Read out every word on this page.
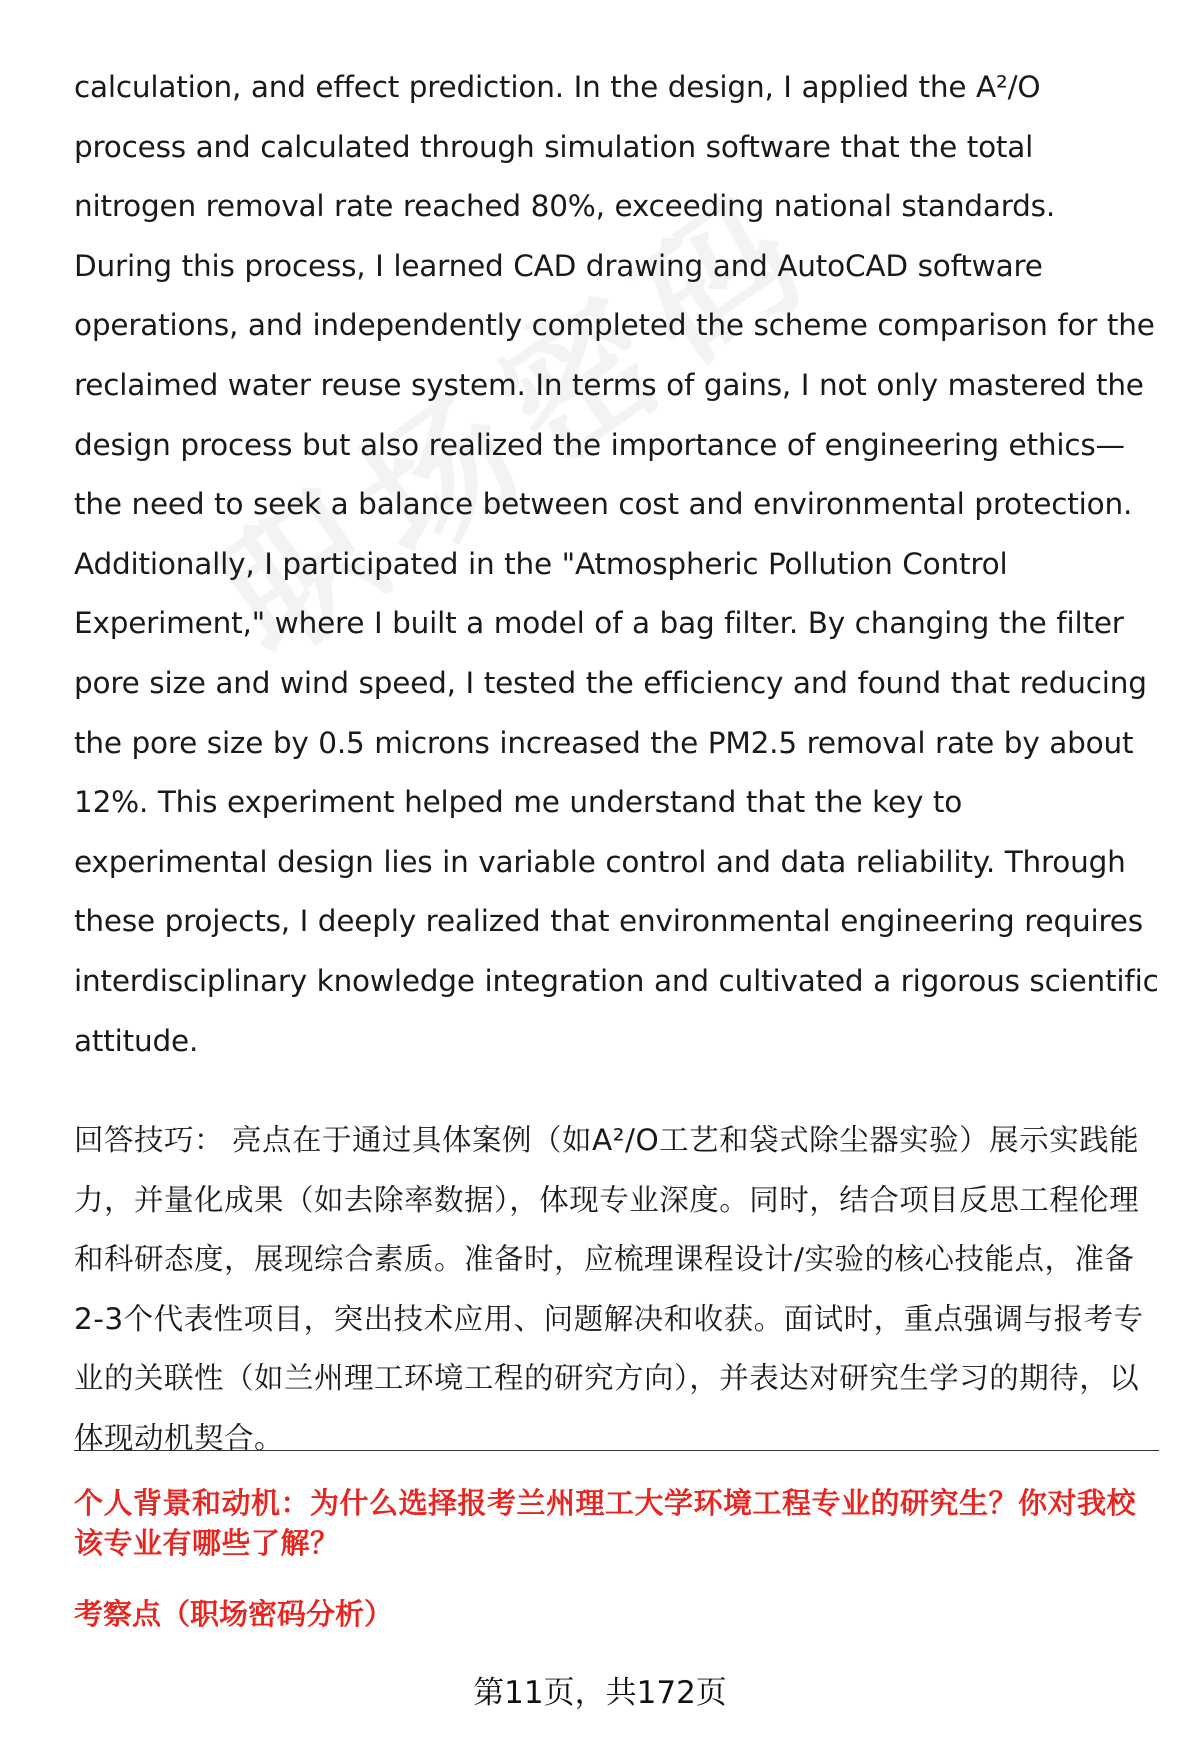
calculation, and effect prediction. In the design, I applied the A²/O process and calculated through simulation software that the total nitrogen removal rate reached 80%, exceeding national standards. During this process, I learned CAD drawing and AutoCAD software operations, and independently completed the scheme comparison for the reclaimed water reuse system. In terms of gains, I not only mastered the design process but also realized the importance of engineering ethics—the need to seek a balance between cost and environmental protection. Additionally, I participated in the "Atmospheric Pollution Control Experiment," where I built a model of a bag filter. By changing the filter pore size and wind speed, I tested the efficiency and found that reducing the pore size by 0.5 microns increased the PM2.5 removal rate by about 12%. This experiment helped me understand that the key to experimental design lies in variable control and data reliability. Through these projects, I deeply realized that environmental engineering requires interdisciplinary knowledge integration and cultivated a rigorous scientific attitude.

回答技巧： 亮点在于通过具体案例（如A²/O工艺和袋式除尘器实验）展示实践能力，并量化成果（如去除率数据），体现专业深度。同时，结合项目反思工程伦理和科研态度，展现综合素质。准备时，应梳理课程设计/实验的核心技能点，准备2-3个代表性项目，突出技术应用、问题解决和收获。面试时，重点强调与报考专业的关联性（如兰州理工环境工程的研究方向），并表达对研究生学习的期待，以体现动机契合。

个人背景和动机：为什么选择报考兰州理工大学环境工程专业的研究生？你对我校该专业有哪些了解？

考察点（职场密码分析）

第11页，共172页
